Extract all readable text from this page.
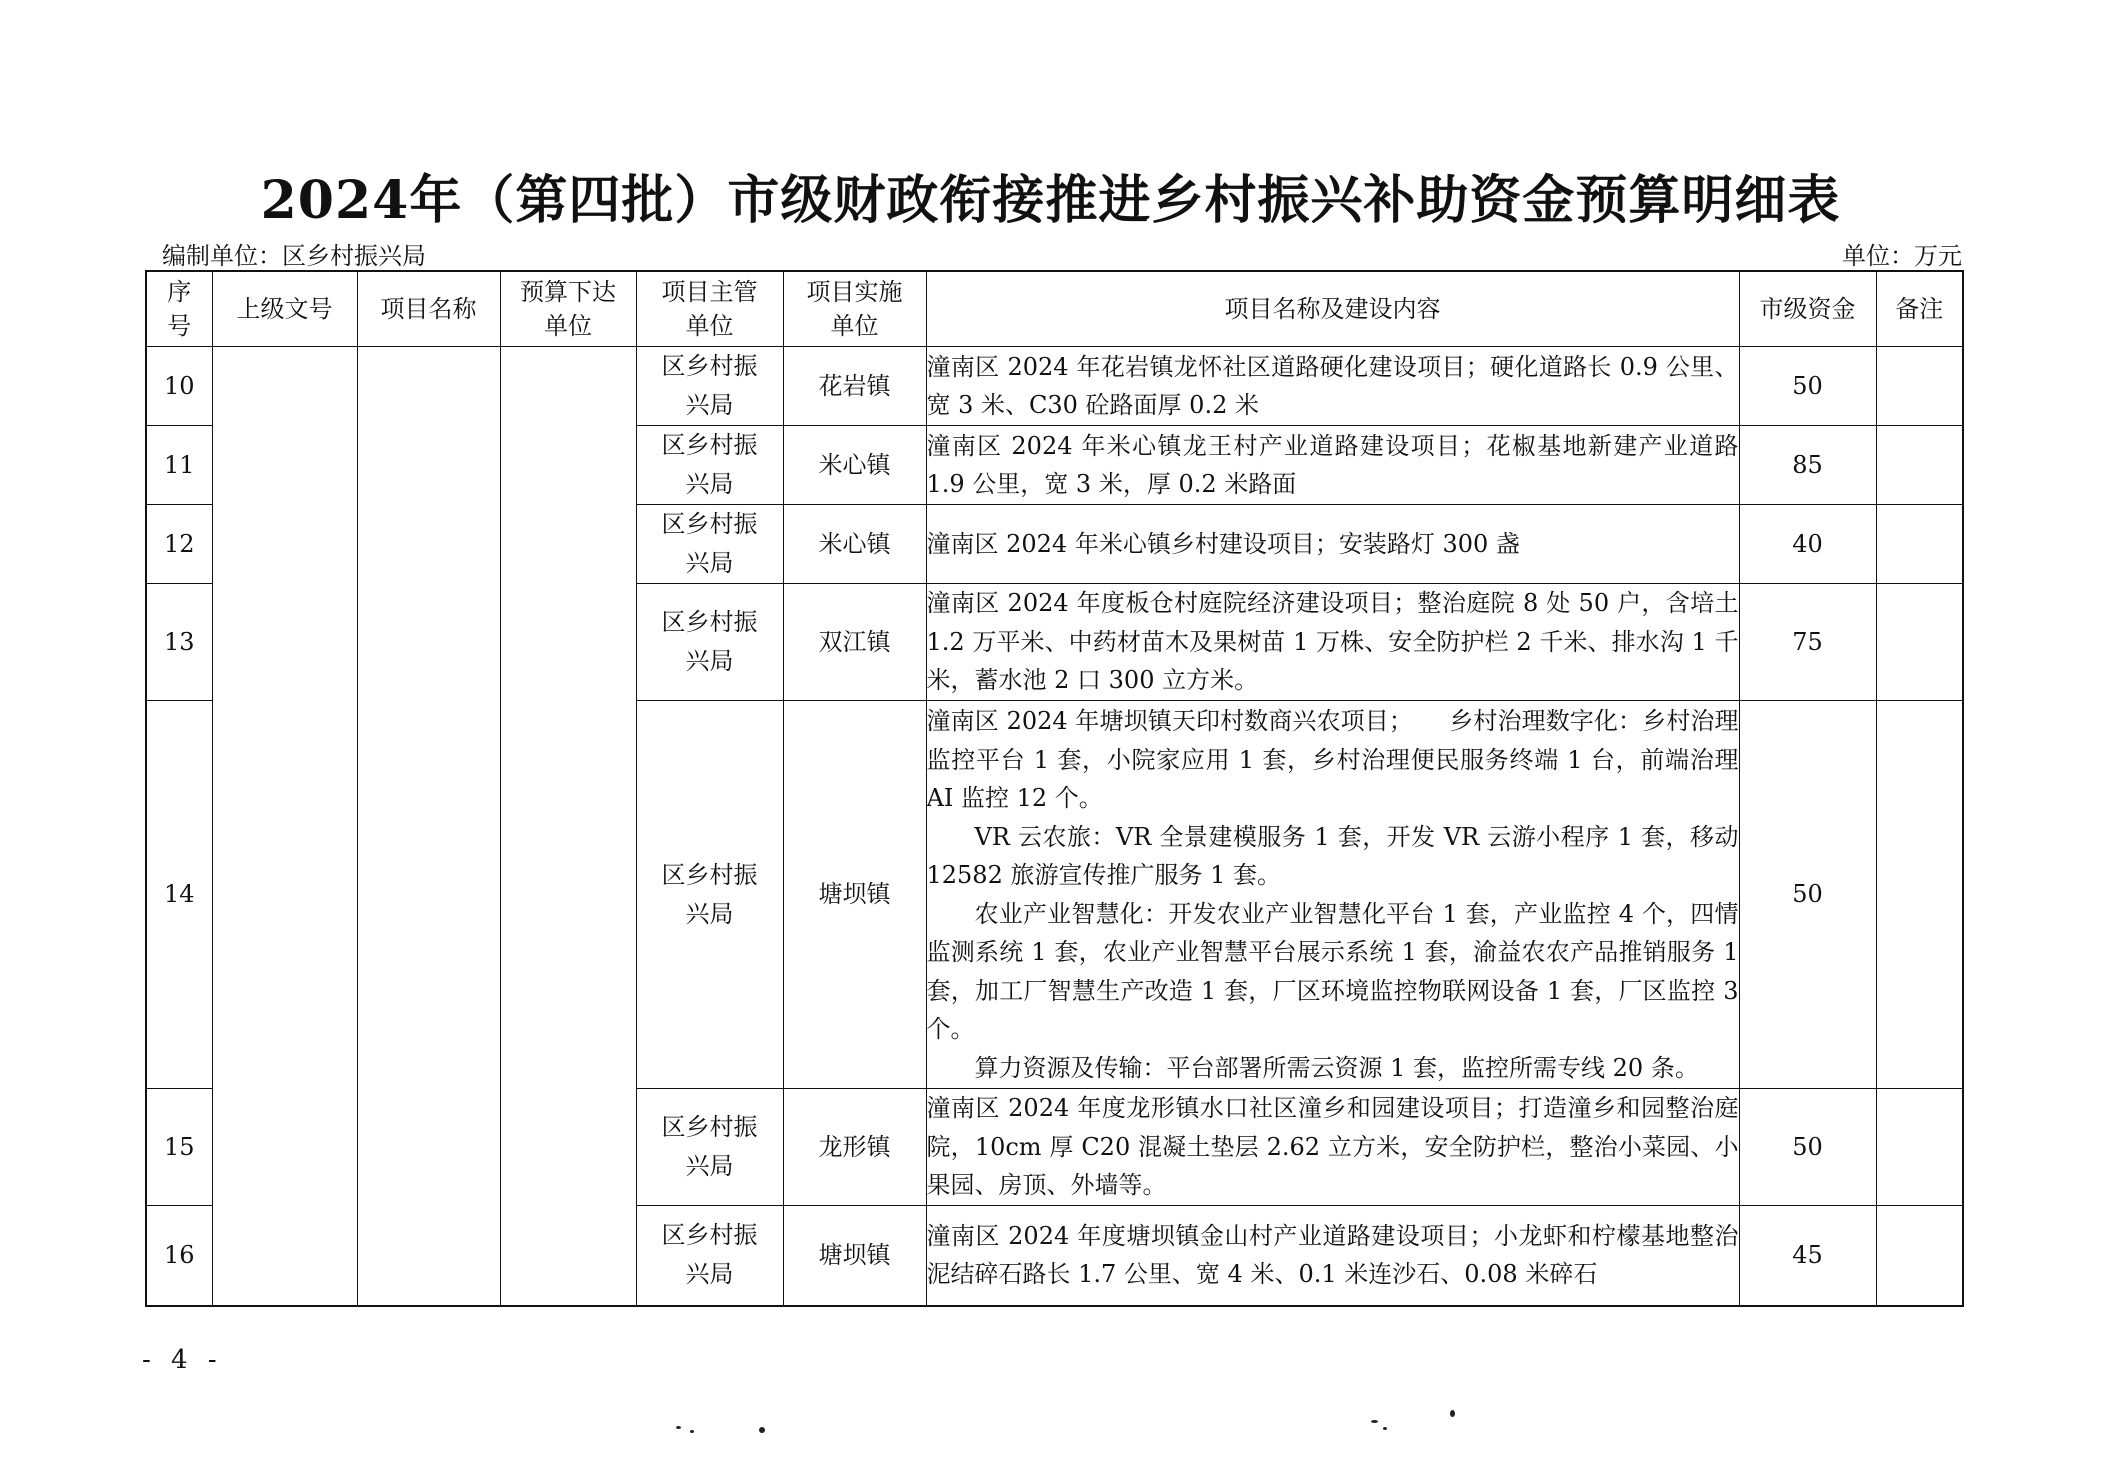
2024年（第四批）市级财政衔接推进乡村振兴补助资金预算明细表
编制单位：区乡村振兴局	单位：万元
序号	上级文号	项目名称	预算下达单位	项目主管单位	项目实施单位	项目名称及建设内容	市级资金	备注
10				区乡村振兴局	花岩镇	潼南区 2024 年花岩镇龙怀社区道路硬化建设项目；硬化道路长 0.9 公里、宽 3 米、C30 砼路面厚 0.2 米	50	
11				区乡村振兴局	米心镇	潼南区 2024 年米心镇龙王村产业道路建设项目；花椒基地新建产业道路 1.9 公里，宽 3 米，厚 0.2 米路面	85	
12				区乡村振兴局	米心镇	潼南区 2024 年米心镇乡村建设项目；安装路灯 300 盏	40	
13				区乡村振兴局	双江镇	潼南区 2024 年度板仓村庭院经济建设项目；整治庭院 8 处 50 户，含培土 1.2 万平米、中药材苗木及果树苗 1 万株、安全防护栏 2 千米、排水沟 1 千米，蓄水池 2 口 300 立方米。	75	
14				区乡村振兴局	塘坝镇	潼南区 2024 年塘坝镇天印村数商兴农项目；　　乡村治理数字化：乡村治理监控平台 1 套，小院家应用 1 套，乡村治理便民服务终端 1 台，前端治理 AI 监控 12 个。

VR 云农旅：VR 全景建模服务 1 套，开发 VR 云游小程序 1 套，移动 12582 旅游宣传推广服务 1 套。

农业产业智慧化：开发农业产业智慧化平台 1 套，产业监控 4 个，四情监测系统 1 套，农业产业智慧平台展示系统 1 套，渝益农农产品推销服务 1 套，加工厂智慧生产改造 1 套，厂区环境监控物联网设备 1 套，厂区监控 3 个。

算力资源及传输：平台部署所需云资源 1 套，监控所需专线 20 条。	50	
15				区乡村振兴局	龙形镇	潼南区 2024 年度龙形镇水口社区潼乡和园建设项目；打造潼乡和园整治庭院，10cm 厚 C20 混凝土垫层 2.62 立方米，安全防护栏，整治小菜园、小果园、房顶、外墙等。	50	
16				区乡村振兴局	塘坝镇	潼南区 2024 年度塘坝镇金山村产业道路建设项目；小龙虾和柠檬基地整治泥结碎石路长 1.7 公里、宽 4 米、0.1 米连沙石、0.08 米碎石	45	
- 4 -
